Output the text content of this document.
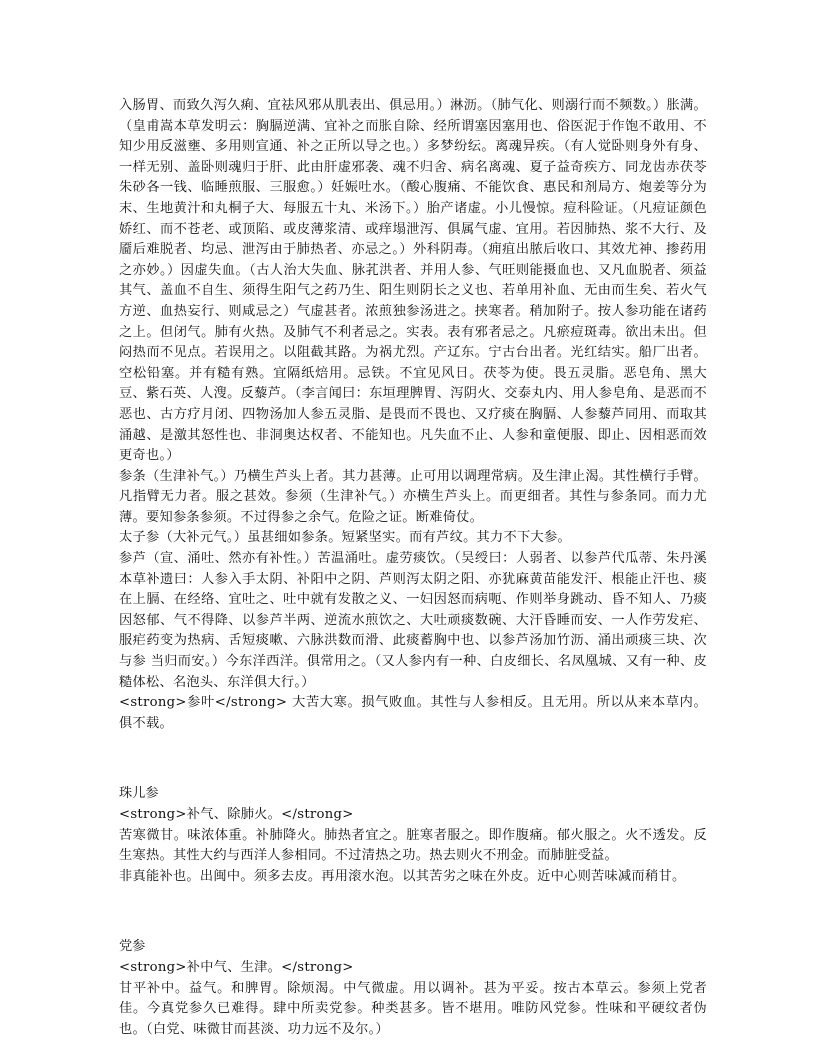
入肠胃、而致久泻久痢、宜祛风邪从肌表出、俱忌用。）淋沥。（肺气化、则溺行而不频数。）胀满。（皇甫嵩本草发明云：胸膈逆满、宜补之而胀自除、经所谓塞因塞用也、俗医泥于作饱不敢用、不知少用反滋壅、多用则宣通、补之正所以导之也。）多梦纷纭。离魂异疾。（有人觉卧则身外有身、一样无别、盖卧则魂归于肝、此由肝虚邪袭、魂不归舍、病名离魂、夏子益奇疾方、同龙齿赤茯苓朱砂各一钱、临睡煎服、三服愈。）妊娠吐水。（酸心腹痛、不能饮食、惠民和剂局方、炮姜等分为末、生地黄汁和丸桐子大、每服五十丸、米汤下。）胎产诸虚。小儿慢惊。痘科险证。（凡痘证颜色娇红、而不苍老、或顶陷、或皮薄浆清、或痒塌泄泻、俱属气虚、宜用。若因肺热、浆不大行、及靥后难脱者、均忌、泄泻由于肺热者、亦忌之。）外科阴毒。（痈疽出脓后收口、其效尤神、掺药用之亦妙。）因虚失血。（古人治大失血、脉芤洪者、并用人参、气旺则能摄血也、又凡血脱者、须益其气、盖血不自生、须得生阳气之药乃生、阳生则阴长之义也、若单用补血、无由而生矣、若火气方逆、血热妄行、则咸忌之）气虚甚者。浓煎独参汤进之。挟寒者。稍加附子。按人参功能在诸药之上。但闭气。肺有火热。及肺气不利者忌之。实表。表有邪者忌之。凡瘀痘斑毒。欲出未出。但闷热而不见点。若误用之。以阻截其路。为祸尤烈。产辽东。宁古台出者。光红结实。船厂出者。空松铅塞。并有糙有熟。宜隔纸焙用。忌铁。不宜见风日。茯苓为使。畏五灵脂。恶皂角、黑大豆、紫石英、人溲。反藜芦。（李言闻曰：东垣理脾胃、泻阴火、交泰丸内、用人参皂角、是恶而不恶也、古方疗月闭、四物汤加人参五灵脂、是畏而不畏也、又疗痰在胸膈、人参藜芦同用、而取其涌越、是激其怒性也、非洞奥达权者、不能知也。凡失血不止、人参和童便服、即止、因相恶而效更奇也。）

参条（生津补气。）乃横生芦头上者。其力甚薄。止可用以调理常病。及生津止渴。其性横行手臂。凡指臂无力者。服之甚效。参须（生津补气。）亦横生芦头上。而更细者。其性与参条同。而力尤薄。要知参条参须。不过得参之余气。危险之证。断难倚仗。

太子参（大补元气。）虽甚细如参条。短紧坚实。而有芦纹。其力不下大参。

参芦（宣、涌吐、然亦有补性。）苦温涌吐。虚劳痰饮。（吴绶曰：人弱者、以参芦代瓜蒂、朱丹溪本草补遗曰：人参入手太阴、补阳中之阴、芦则泻太阴之阳、亦犹麻黄苗能发汗、根能止汗也、痰在上膈、在经络、宜吐之、吐中就有发散之义、一妇因怒而病呃、作则举身跳动、昏不知人、乃痰因怒郁、气不得降、以参芦半两、逆流水煎饮之、大吐顽痰数碗、大汗昏睡而安、一人作劳发疟、服疟药变为热病、舌短痰嗽、六脉洪数而滑、此痰蓄胸中也、以参芦汤加竹沥、涌出顽痰三块、次与参 当归而安。）今东洋西洋。俱常用之。（又人参内有一种、白皮细长、名凤凰城、又有一种、皮糙体松、名泡头、东洋俱大行。）

<strong>参叶</strong> 大苦大寒。损气败血。其性与人参相反。且无用。所以从来本草内。俱不载。

珠儿参

<strong>补气、除肺火。</strong>

苦寒微甘。味浓体重。补肺降火。肺热者宜之。脏寒者服之。即作腹痛。郁火服之。火不透发。反生寒热。其性大约与西洋人参相同。不过清热之功。热去则火不刑金。而肺脏受益。

非真能补也。出闽中。须多去皮。再用滚水泡。以其苦劣之味在外皮。近中心则苦味减而稍甘。

党参

<strong>补中气、生津。</strong>

甘平补中。益气。和脾胃。除烦渴。中气微虚。用以调补。甚为平妥。按古本草云。参须上党者佳。今真党参久已难得。肆中所卖党参。种类甚多。皆不堪用。唯防风党参。性味和平硬纹者伪也。（白党、味微甘而甚淡、功力远不及尔。）
